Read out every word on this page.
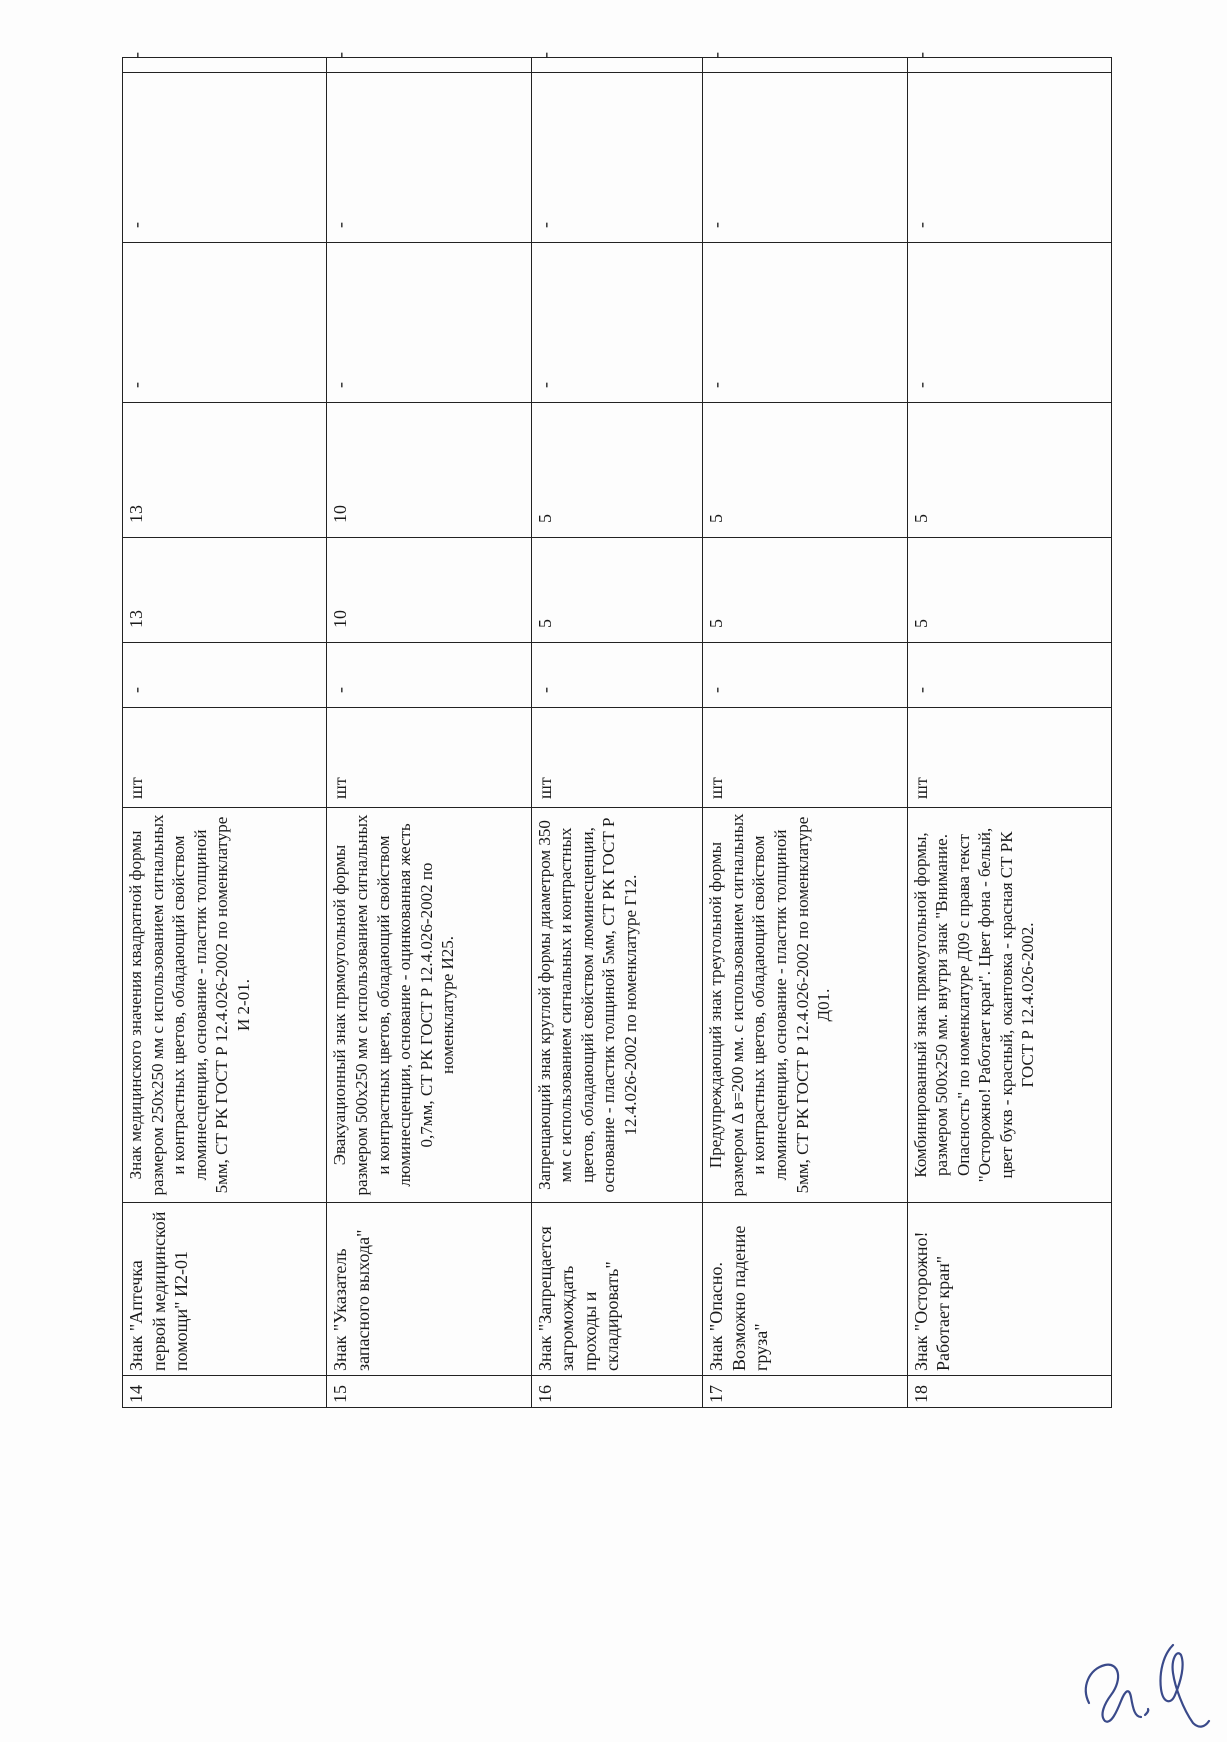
14	Знак "Аптечка первой медицинской помощи" И2-01	Знак медицинского значения квадратной формы размером 250х250 мм с использованием сигнальных и контрастных цветов, обладающий свойством люминесценции, основание - пластик толщиной 5мм, СТ РК ГОСТ Р 12.4.026-2002 по номенклатуре И 2-01.	шт	-	13	13	-	-	-
15	Знак "Указатель запасного выхода"	Эвакуационный знак прямоугольной формы размером 500х250 мм с использованием сигнальных и контрастных цветов, обладающий свойством люминесценции, основание - оцинкованная жесть 0,7мм, СТ РК ГОСТ Р 12.4.026-2002 по номенклатуре И25.	шт	-	10	10	-	-	-
16	Знак "Запрещается загромождать проходы и складировать"	Запрещающий знак круглой формы диаметром 350 мм с использованием сигнальных и контрастных цветов, обладающий свойством люминесценции, основание - пластик толщиной 5мм, СТ РК ГОСТ Р 12.4.026-2002 по номенклатуре Г12.	шт	-	5	5	-	-	-
17	Знак "Опасно. Возможно падение груза"	Предупреждающий знак треугольной формы размером Δ в=200 мм. с использованием сигнальных и контрастных цветов, обладающий свойством люминесценции, основание - пластик толщиной 5мм, СТ РК ГОСТ Р 12.4.026-2002 по номенклатуре Д01.	шт	-	5	5	-	-	-
18	Знак "Осторожно! Работает кран"	Комбинированный знак прямоугольной формы, размером 500х250 мм. внутри знак "Внимание. Опасность" по номенклатуре Д09 с права текст "Осторожно! Работает кран". Цвет фона - белый, цвет букв - красный, окантовка - красная СТ РК ГОСТ Р 12.4.026-2002.	шт	-	5	5	-	-	-
